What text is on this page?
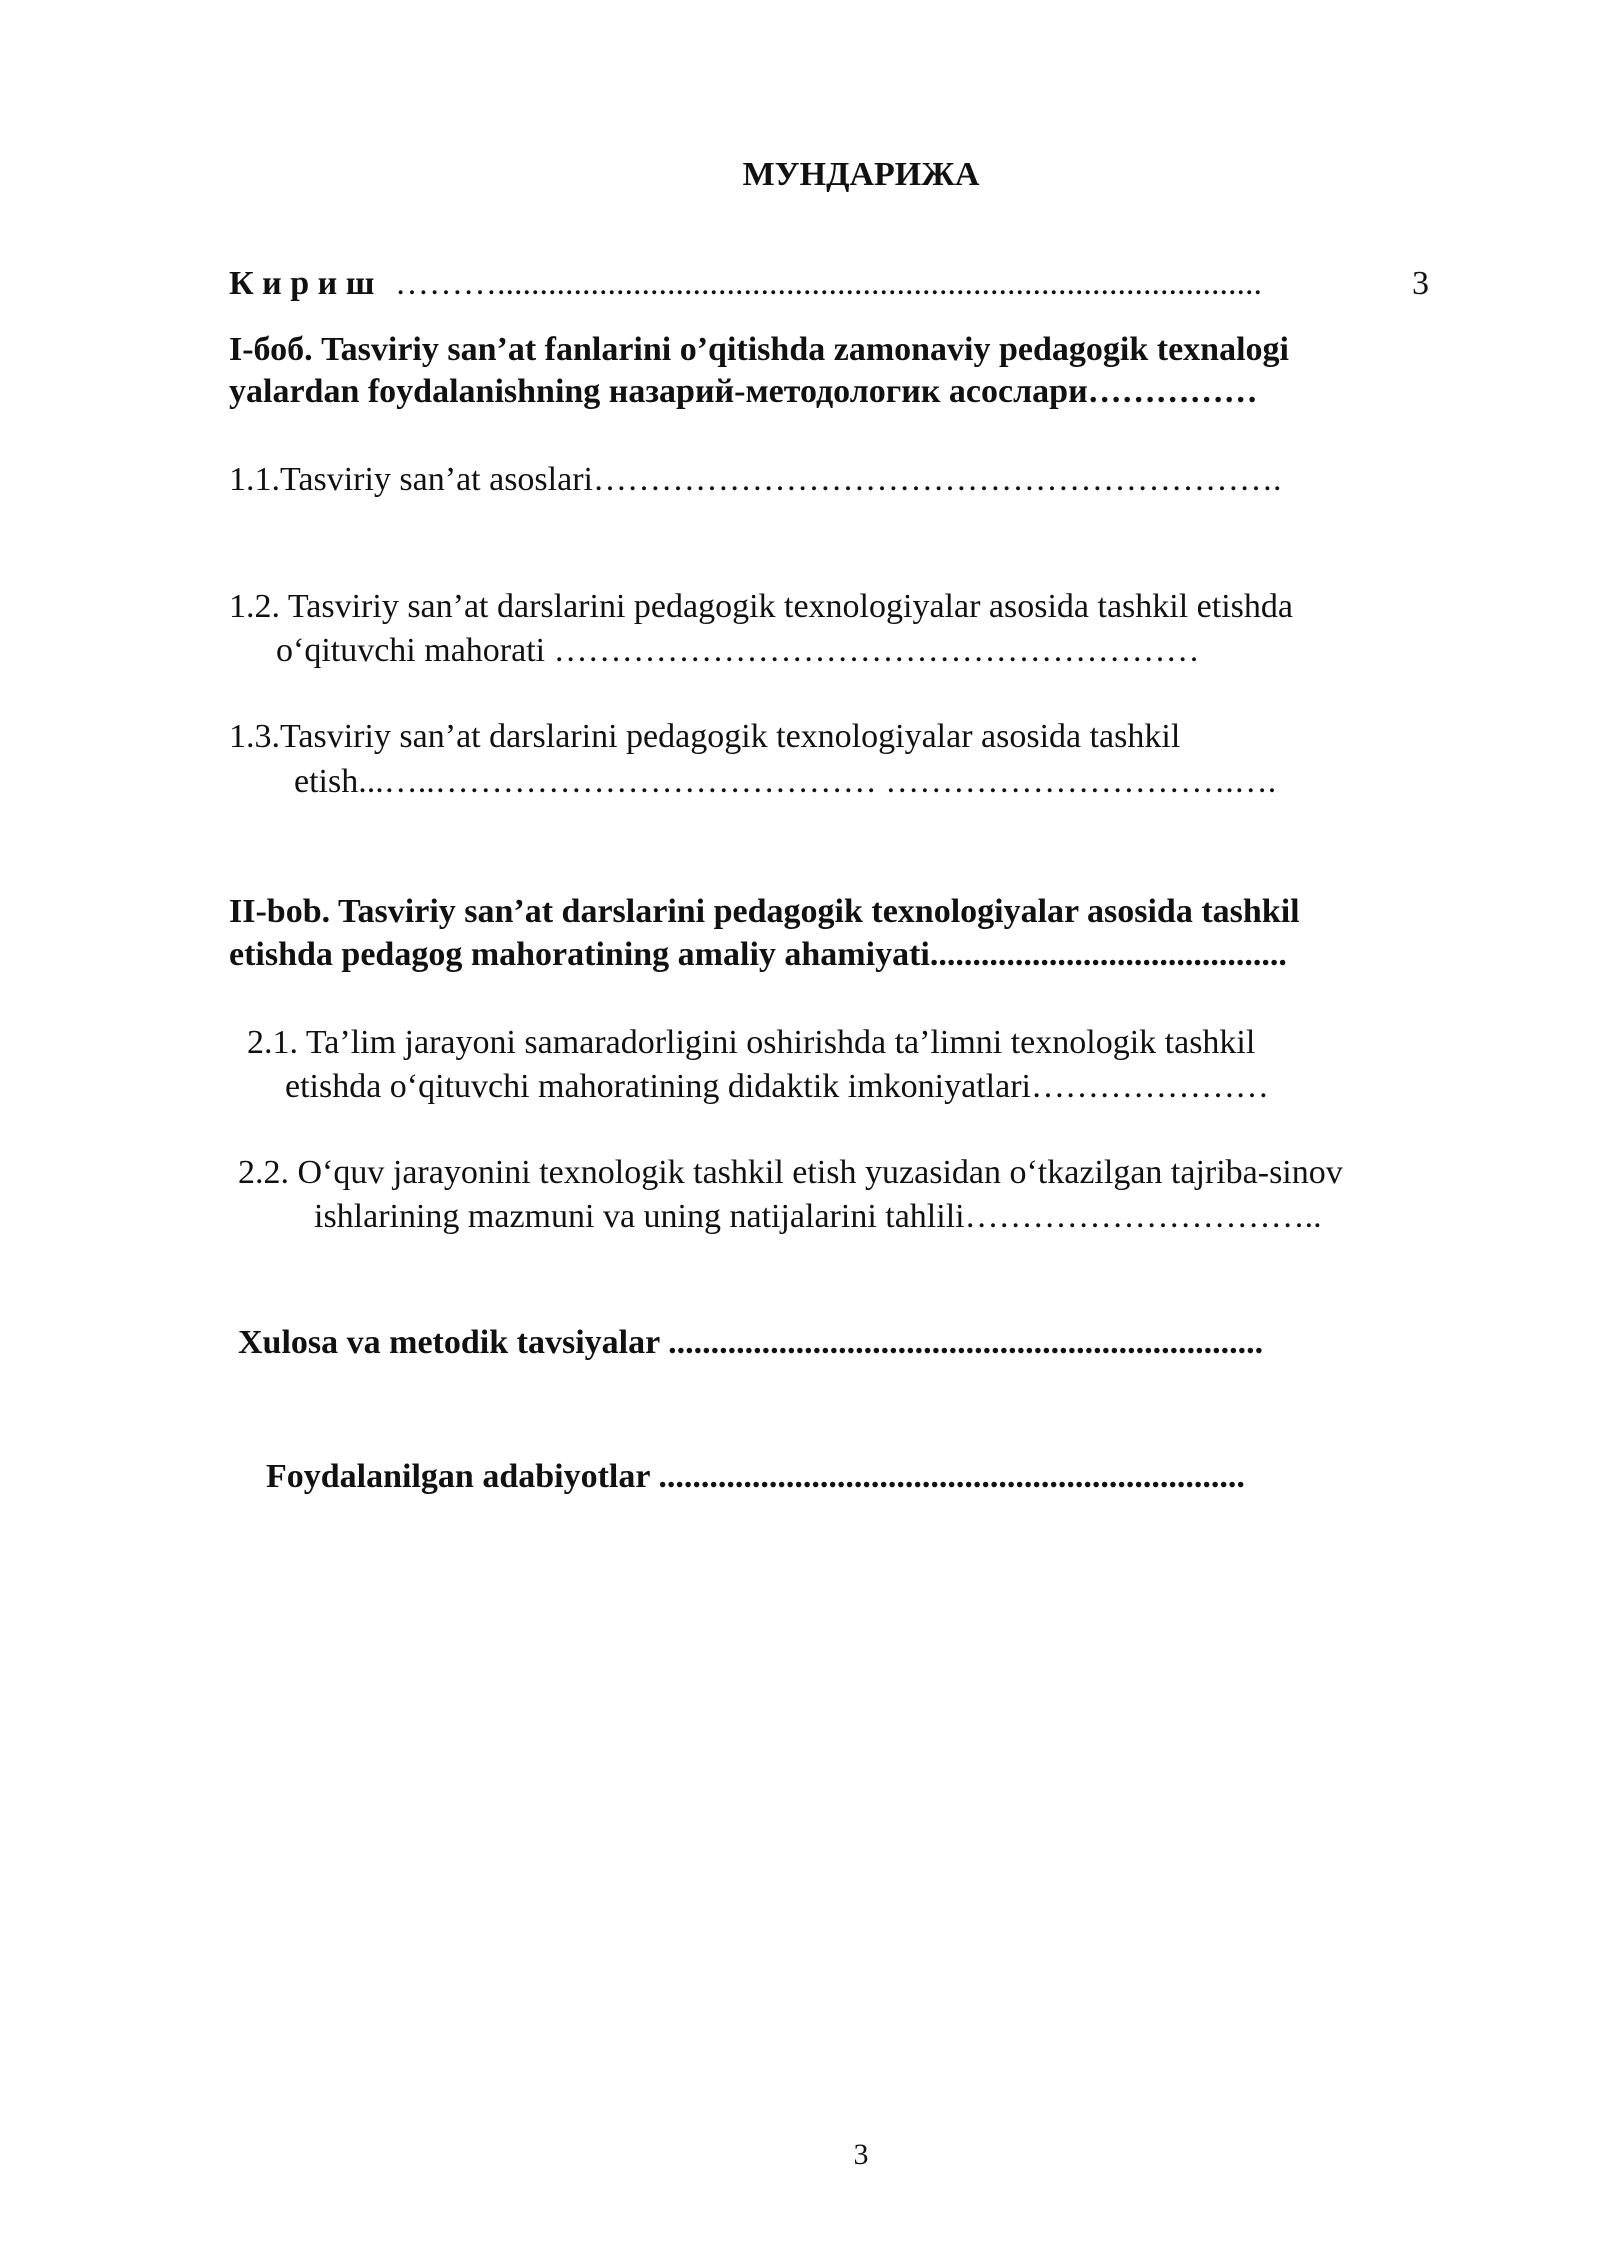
МУНДАРИЖА
К и р и ш ………..........................................................................................	3
I-боб. Tasviriy san’at fanlarini o’qitishda zamonaviy pedagogik texnalogi
yalardan foydalanishning назарий-методологик асослари……………
1.1.Tasviriy san’at asoslari…………………………………………………….
1.2. Tasviriy san’at darslarini pedagogik texnologiyalar asosida tashkil etishda
o‘qituvchi mahorati …………………………………………………
1.3.Tasviriy san’at darslarini pedagogik texnologiyalar asosida tashkil
etish...…..………………………………… ………………………….….
II-bob. Tasviriy san’at darslarini pedagogik texnologiyalar asosida tashkil
etishda pedagog mahoratining amaliy ahamiyati..........................................
2.1. Ta’lim jarayoni samaradorligini oshirishda ta’limni texnologik tashkil
etishda o‘qituvchi mahoratining didaktik imkoniyatlari…………………
2.2. O‘quv jarayonini texnologik tashkil etish yuzasidan o‘tkazilgan tajriba-sinov
ishlarining mazmuni va uning natijalarini tahlili…………………………..
Xulosa va metodik tavsiyalar ......................................................................
Foydalanilgan adabiyotlar .....................................................................
3
